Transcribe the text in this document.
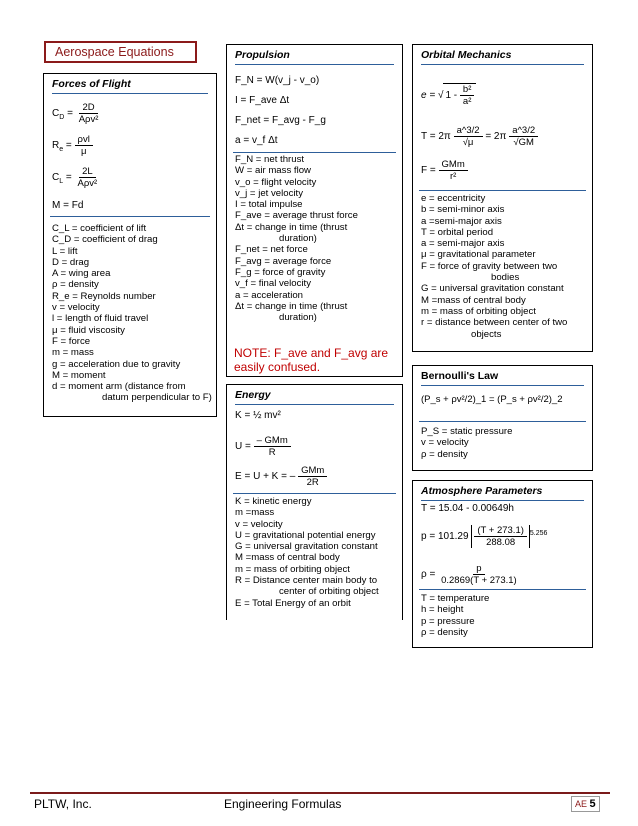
Aerospace Equations
Forces of Flight
$C_D = \frac{2D}{\text{Aρv²}}$
$R_e = \frac{\text{ρvl}}{\mu}$
$C_L = \frac{2L}{\text{Aρv²}}$
M = Fd
C_L = coefficient of lift
C_D = coefficient of drag
L = lift
D = drag
A = wing area
ρ = density
R_e = Reynolds number
v = velocity
l = length of fluid travel
μ = fluid viscosity
F = force
m = mass
g = acceleration due to gravity
M = moment
d = moment arm (distance from
datum perpendicular to F)
Propulsion
F_N = W(v_j - v_o)
I = F_ave Δt
F_net = F_avg - F_g
a = v_f Δt
F_N = net thrust
W = air mass flow
v_o = flight velocity
v_j = jet velocity
I = total impulse
F_ave = average thrust force
Δt = change in time (thrust
duration)
F_net = net force
F_avg = average force
F_g = force of gravity
v_f = final velocity
a = acceleration
Δt = change in time (thrust
duration)
NOTE: F_ave and F_avg are easily confused.
Energy
K = ½ mv²
$U = \frac{\text{– GMm}}{R}$
E = U + K = – $\frac{\text{GMm}}{2R}$
K = kinetic energy
m =mass
v = velocity
U = gravitational potential energy
G = universal gravitation constant
M =mass of central body
m = mass of orbiting object
R = Distance center main body to
center of orbiting object
E = Total Energy of an orbit
Orbital Mechanics
e = √ $1 - \frac{\text{b²}}{\text{a²}}$
$T = 2\pi \frac{a\^{}3/2}{√\mu} = 2\pi \frac{a\^{}3/2}{√GM}$
$F = \frac{\text{GMm}}{\text{r²}}$
e = eccentricity
b = semi-minor axis
a =semi-major axis
T = orbital period
a = semi-major axis
μ = gravitational parameter
F = force of gravity between two
bodies
G = universal gravitation constant
M =mass of central body
m = mass of orbiting object
r = distance between center of two
objects
Bernoulli's Law
(P_s + ρv²/2)_1 = (P_s + ρv²/2)_2
P_S = static pressure
v = velocity
ρ = density
Atmosphere Parameters
T = 15.04 - 0.00649h
$p = 101.29 \frac{(T + 273.1)}{288.08} ^{5.256}$
$\rho = \frac{p}{0.2869(T + 273.1)}$
T = temperature
h = height
p = pressure
ρ = density
PLTW, Inc.	Engineering Formulas	AE 5
